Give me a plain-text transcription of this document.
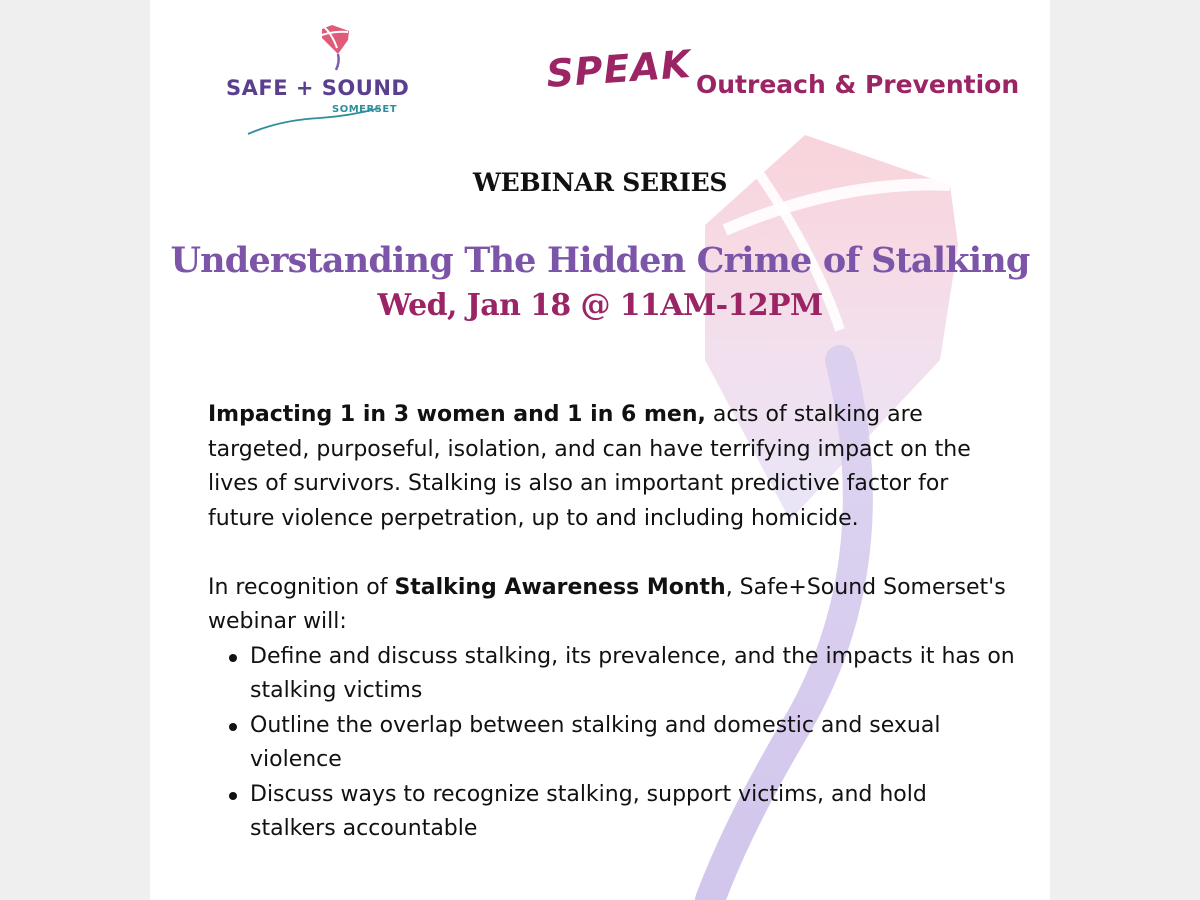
SAFE + SOUND
SOMERSET
SPEAK Outreach & Prevention
WEBINAR SERIES
Understanding The Hidden Crime of Stalking
Wed, Jan 18 @ 11AM-12PM

Impacting 1 in 3 women and 1 in 6 men, acts of stalking are targeted, purposeful, isolation, and can have terrifying impact on the lives of survivors. Stalking is also an important predictive factor for future violence perpetration, up to and including homicide.

In recognition of Stalking Awareness Month, Safe+Sound Somerset's webinar will:

Define and discuss stalking, its prevalence, and the impacts it has on stalking victims
Outline the overlap between stalking and domestic and sexual violence
Discuss ways to recognize stalking, support victims, and hold stalkers accountable
